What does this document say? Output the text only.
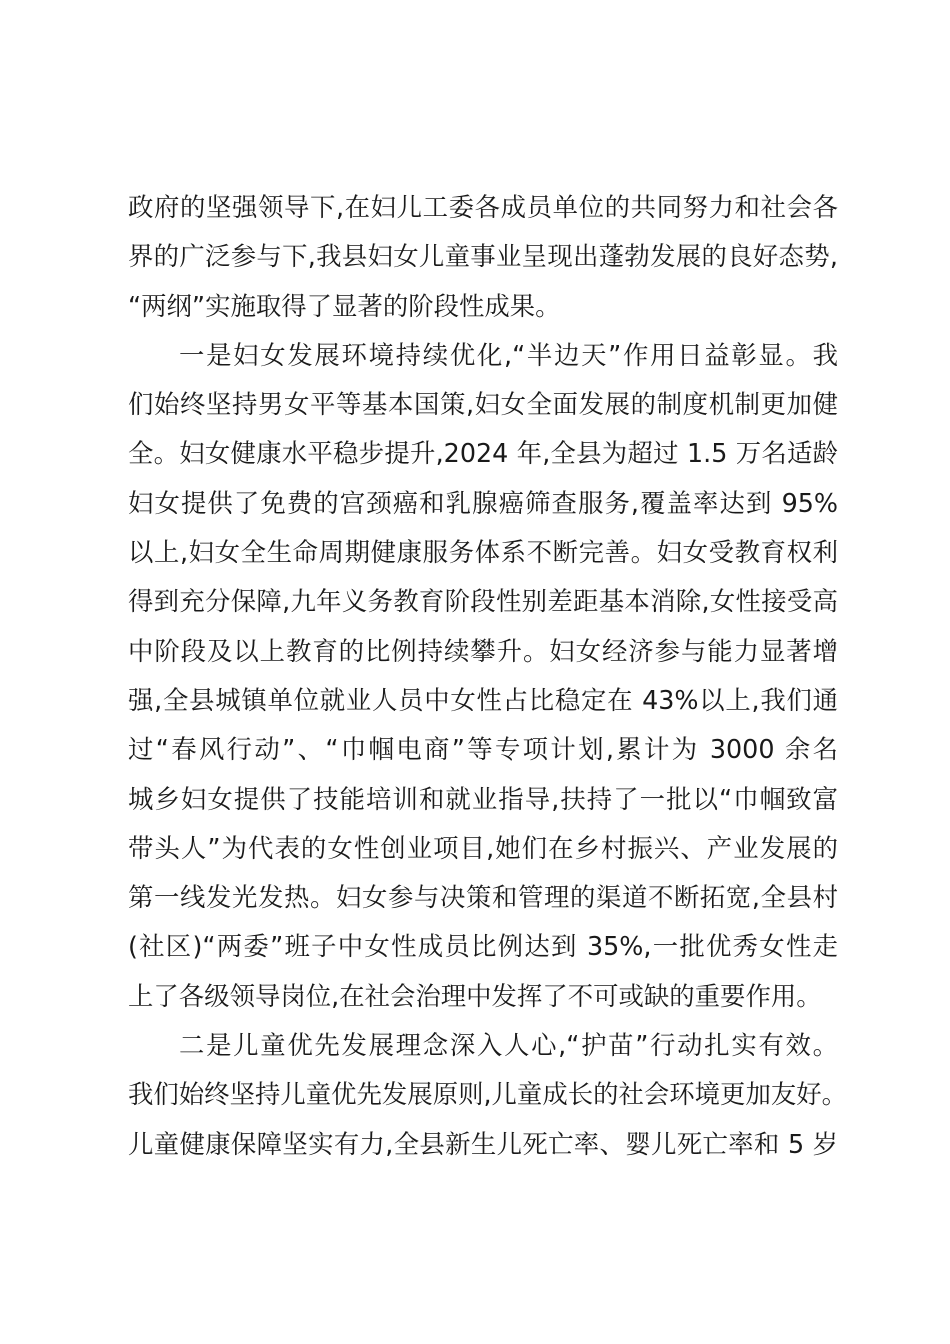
政府的坚强领导下,在妇儿工委各成员单位的共同努力和社会各
界的广泛参与下,我县妇女儿童事业呈现出蓬勃发展的良好态势,
“两纲”实施取得了显著的阶段性成果。
一是妇女发展环境持续优化,“半边天”作用日益彰显。我
们始终坚持男女平等基本国策,妇女全面发展的制度机制更加健
全。妇女健康水平稳步提升,2024 年,全县为超过 1.5 万名适龄
妇女提供了免费的宫颈癌和乳腺癌筛查服务,覆盖率达到 95%
以上,妇女全生命周期健康服务体系不断完善。妇女受教育权利
得到充分保障,九年义务教育阶段性别差距基本消除,女性接受高
中阶段及以上教育的比例持续攀升。妇女经济参与能力显著增
强,全县城镇单位就业人员中女性占比稳定在 43%以上,我们通
过“春风行动”、“巾帼电商”等专项计划,累计为 3000 余名
城乡妇女提供了技能培训和就业指导,扶持了一批以“巾帼致富
带头人”为代表的女性创业项目,她们在乡村振兴、产业发展的
第一线发光发热。妇女参与决策和管理的渠道不断拓宽,全县村
(社区)“两委”班子中女性成员比例达到 35%,一批优秀女性走
上了各级领导岗位,在社会治理中发挥了不可或缺的重要作用。
二是儿童优先发展理念深入人心,“护苗”行动扎实有效。
我们始终坚持儿童优先发展原则,儿童成长的社会环境更加友好。
儿童健康保障坚实有力,全县新生儿死亡率、婴儿死亡率和 5 岁
